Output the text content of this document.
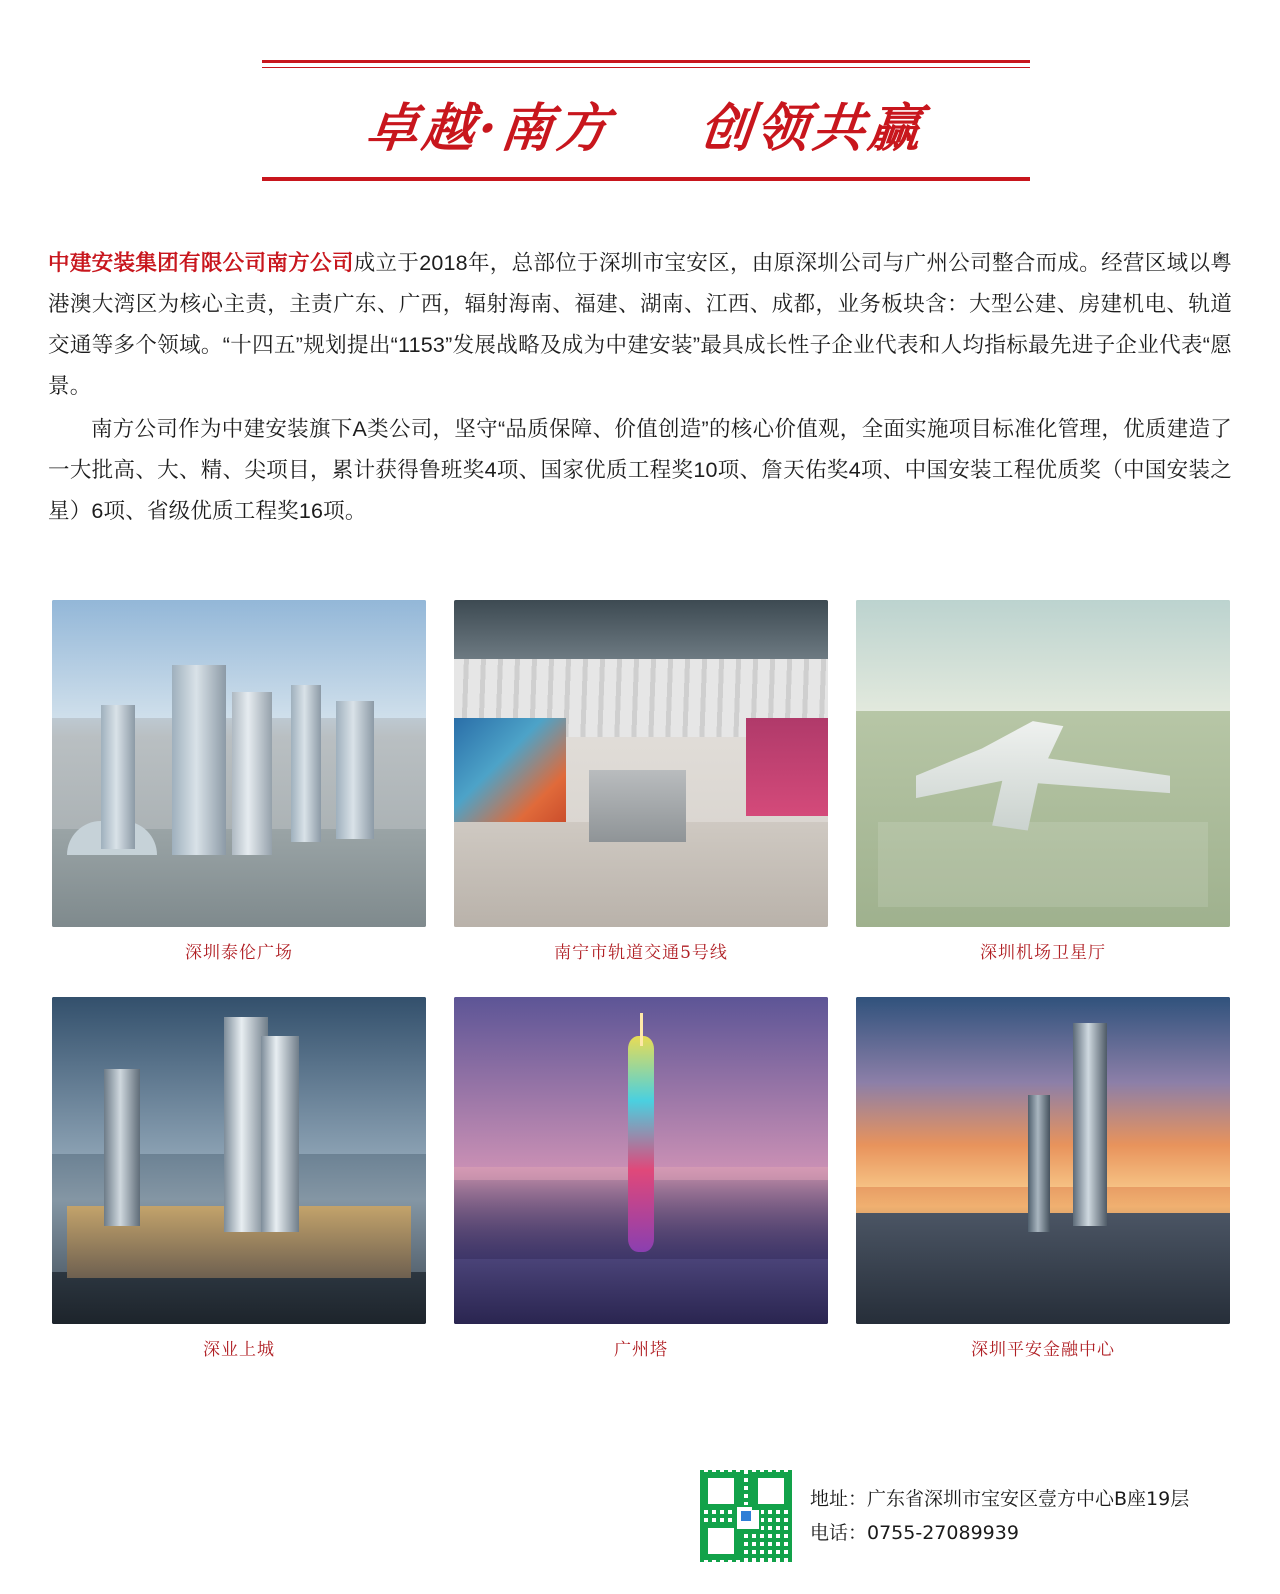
卓越·南方 创领共赢

中建安装集团有限公司南方公司成立于2018年，总部位于深圳市宝安区，由原深圳公司与广州公司整合而成。经营区域以粤港澳大湾区为核心主责，主责广东、广西，辐射海南、福建、湖南、江西、成都，业务板块含：大型公建、房建机电、轨道交通等多个领域。“十四五”规划提出“1153”发展战略及成为中建安装”最具成长性子企业代表和人均指标最先进子企业代表“愿景。

南方公司作为中建安装旗下A类公司，坚守“品质保障、价值创造”的核心价值观，全面实施项目标准化管理，优质建造了一大批高、大、精、尖项目，累计获得鲁班奖4项、国家优质工程奖10项、詹天佑奖4项、中国安装工程优质奖（中国安装之星）6项、省级优质工程奖16项。

深圳泰伦广场	南宁市轨道交通5号线	深圳机场卫星厅
深业上城	广州塔	深圳平安金融中心
地址：广东省深圳市宝安区壹方中心B座19层
电话：0755-27089939
